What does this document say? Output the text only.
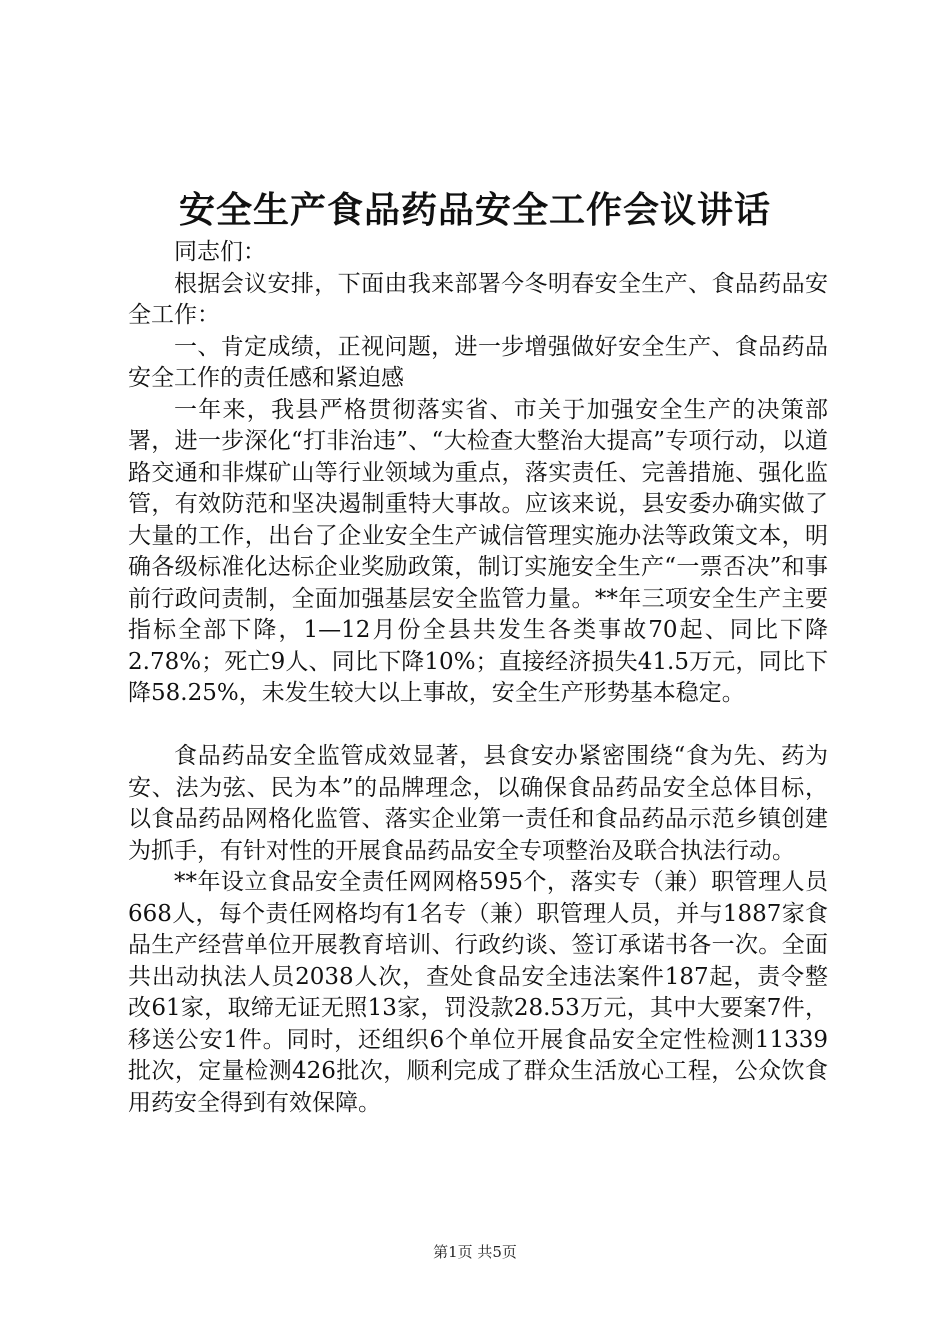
安全生产食品药品安全工作会议讲话

同志们：

根据会议安排，下面由我来部署今冬明春安全生产、食品药品安全工作：

一、肯定成绩，正视问题，进一步增强做好安全生产、食品药品安全工作的责任感和紧迫感

一年来，我县严格贯彻落实省、市关于加强安全生产的决策部署，进一步深化“打非治违”、“大检查大整治大提高”专项行动，以道路交通和非煤矿山等行业领域为重点，落实责任、完善措施、强化监管，有效防范和坚决遏制重特大事故。应该来说，县安委办确实做了大量的工作，出台了企业安全生产诚信管理实施办法等政策文本，明确各级标准化达标企业奖励政策，制订实施安全生产“一票否决”和事前行政问责制，全面加强基层安全监管力量。**年三项安全生产主要指标全部下降，1—12月份全县共发生各类事故70起、同比下降2.78%；死亡9人、同比下降10%；直接经济损失41.5万元，同比下降58.25%，未发生较大以上事故，安全生产形势基本稳定。

食品药品安全监管成效显著，县食安办紧密围绕“食为先、药为安、法为弦、民为本”的品牌理念，以确保食品药品安全总体目标，以食品药品网格化监管、落实企业第一责任和食品药品示范乡镇创建为抓手，有针对性的开展食品药品安全专项整治及联合执法行动。

**年设立食品安全责任网网格595个，落实专（兼）职管理人员668人，每个责任网格均有1名专（兼）职管理人员，并与1887家食品生产经营单位开展教育培训、行政约谈、签订承诺书各一次。全面共出动执法人员2038人次，查处食品安全违法案件187起，责令整改61家，取缔无证无照13家，罚没款28.53万元，其中大要案7件，移送公安1件。同时，还组织6个单位开展食品安全定性检测11339批次，定量检测426批次，顺利完成了群众生活放心工程，公众饮食用药安全得到有效保障。

第1页 共5页
